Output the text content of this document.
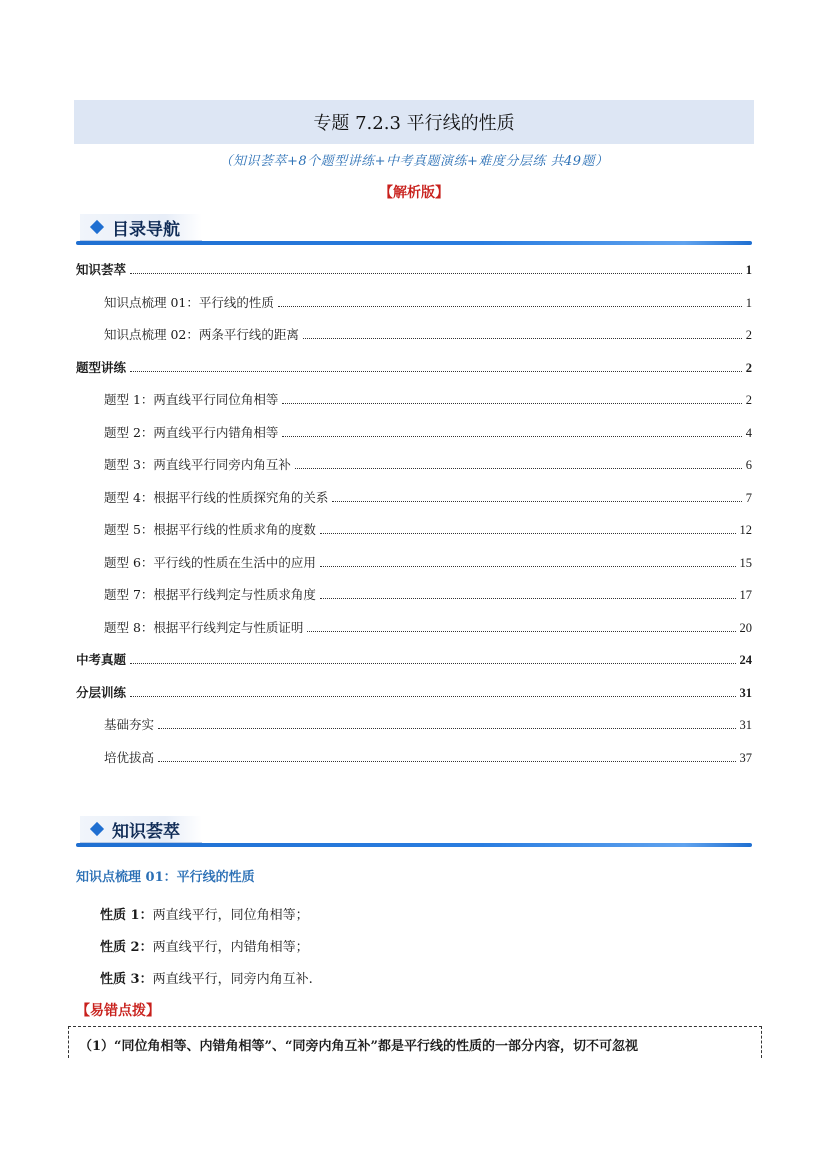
专题 7.2.3 平行线的性质
（知识荟萃+8个题型讲练+中考真题演练+难度分层练 共49题）
【解析版】
目录导航
知识荟萃	1
知识点梳理 01：平行线的性质	1
知识点梳理 02：两条平行线的距离	2
题型讲练	2
题型 1：两直线平行同位角相等	2
题型 2：两直线平行内错角相等	4
题型 3：两直线平行同旁内角互补	6
题型 4：根据平行线的性质探究角的关系	7
题型 5：根据平行线的性质求角的度数	12
题型 6：平行线的性质在生活中的应用	15
题型 7：根据平行线判定与性质求角度	17
题型 8：根据平行线判定与性质证明	20
中考真题	24
分层训练	31
基础夯实	31
培优拔高	37
知识荟萃
知识点梳理 01：平行线的性质
性质 1：两直线平行，同位角相等；
性质 2：两直线平行，内错角相等；
性质 3：两直线平行，同旁内角互补.
【易错点拨】
（1）“同位角相等、内错角相等”、“同旁内角互补”都是平行线的性质的一部分内容，切不可忽视
